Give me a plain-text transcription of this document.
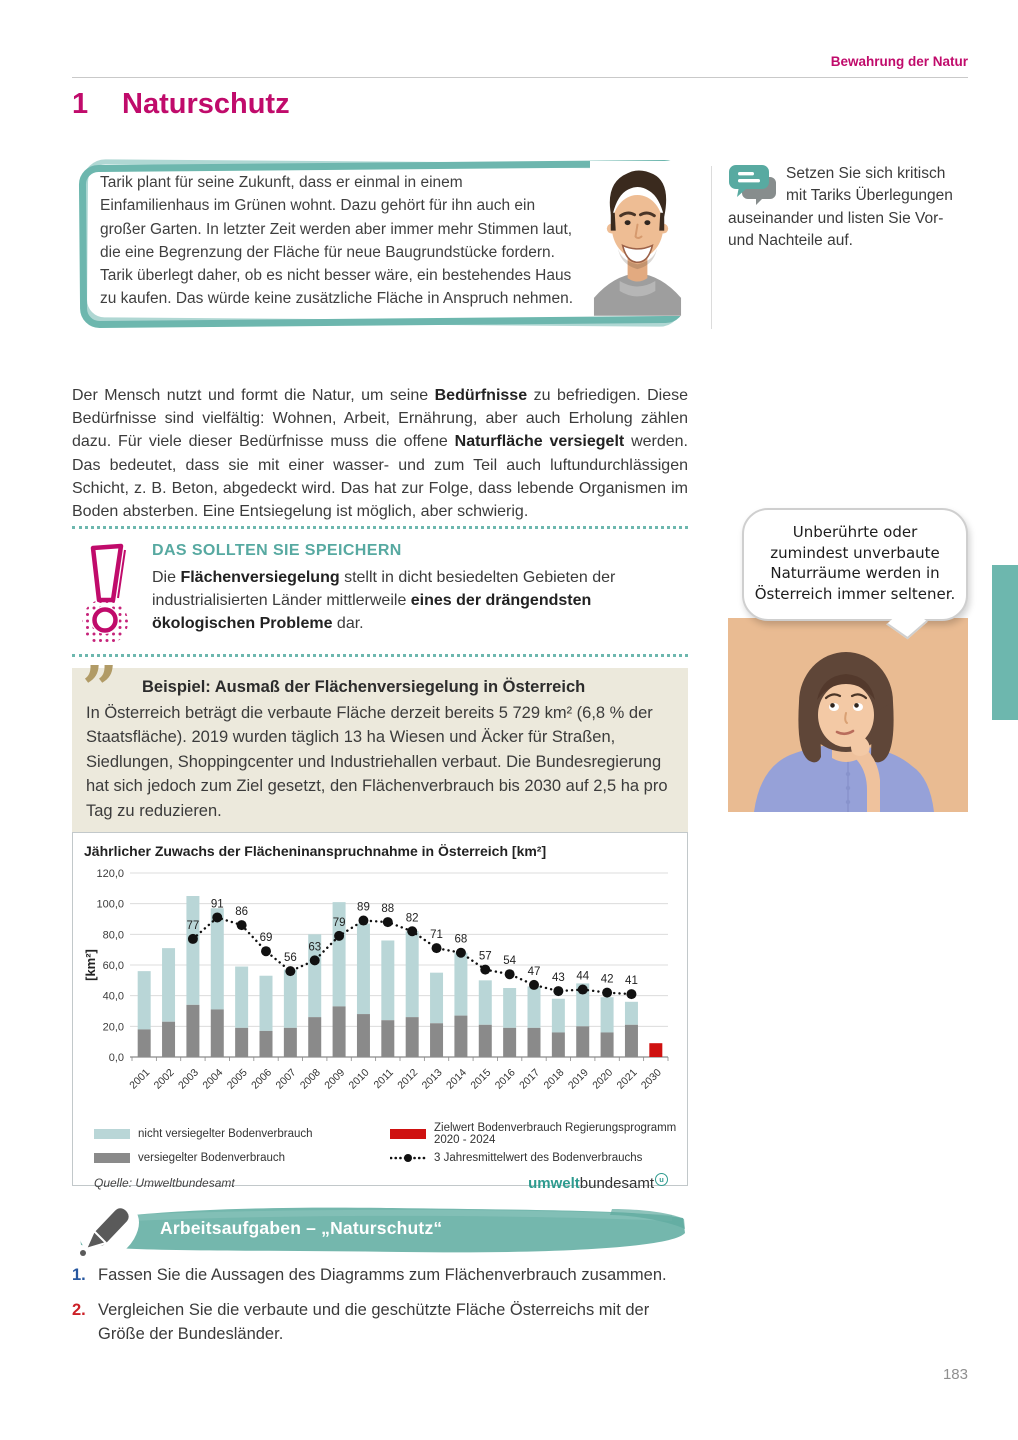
Bewahrung der Natur
1 Naturschutz
Tarik plant für seine Zukunft, dass er einmal in einem Einfamilienhaus im Grünen wohnt. Dazu gehört für ihn auch ein großer Garten. In letzter Zeit werden aber immer mehr Stimmen laut, die eine Begrenzung der Fläche für neue Baugrundstücke fordern. Tarik überlegt daher, ob es nicht besser wäre, ein bestehendes Haus zu kaufen. Das würde keine zusätzliche Fläche in Anspruch nehmen.
Setzen Sie sich kritisch mit Tariks Überlegungen auseinander und listen Sie Vor- und Nachteile auf.

Der Mensch nutzt und formt die Natur, um seine Bedürfnisse zu befriedigen. Diese Bedürfnisse sind vielfältig: Wohnen, Arbeit, Ernährung, aber auch Erholung zählen dazu. Für viele dieser Bedürfnisse muss die offene Naturfläche versiegelt werden. Das bedeutet, dass sie mit einer wasser- und zum Teil auch luftundurchlässigen Schicht, z. B. Beton, abgedeckt wird. Das hat zur Folge, dass lebende Organismen im Boden absterben. Eine Entsiegelung ist möglich, aber schwierig.

DAS SOLLTEN SIE SPEICHERN

Die Flächenversiegelung stellt in dicht besiedelten Gebieten der industrialisierten Länder mittlerweile eines der drängendsten ökologischen Probleme dar.

” Beispiel: Ausmaß der Flächenversiegelung in Österreich

In Österreich beträgt die verbaute Fläche derzeit bereits 5 729 km² (6,8 % der Staatsfläche). 2019 wurden täglich 13 ha Wiesen und Äcker für Straßen, Siedlungen, Shoppingcenter und Industriehallen verbaut. Die Bundesregierung hat sich jedoch zum Ziel gesetzt, den Flächenverbrauch bis 2030 auf 2,5 ha pro Tag zu reduzieren.

Jährlicher Zuwachs der Flächeninanspruchnahme in Österreich [km²]
0,0
20,0
40,0
60,0
80,0
100,0
120,0
[km²]
2001 2002 2003 2004 2005 2006 2007 2008 2009 2010 2011 2012 2013 2014 2015 2016 2017 2018 2019 2020 2021 2030
77
91
86
69
56
63
79
89 88
82
71 68
57 54
47
43 44 42 41
nicht versiegelter Bodenverbrauch	Zielwert Bodenverbrauch Regierungsprogramm 2020 - 2024
versiegelter Bodenverbrauch	3 Jahresmittelwert des Bodenverbrauchs
Quelle: Umweltbundesamt	umweltbundesamt u
Unberührte oder zumindest unverbaute Naturräume werden in Österreich immer seltener.
Arbeitsaufgaben – „Naturschutz“
1. Fassen Sie die Aussagen des Diagramms zum Flächenverbrauch zusammen.
2. Vergleichen Sie die verbaute und die geschützte Fläche Österreichs mit der Größe der Bundesländer.
183
